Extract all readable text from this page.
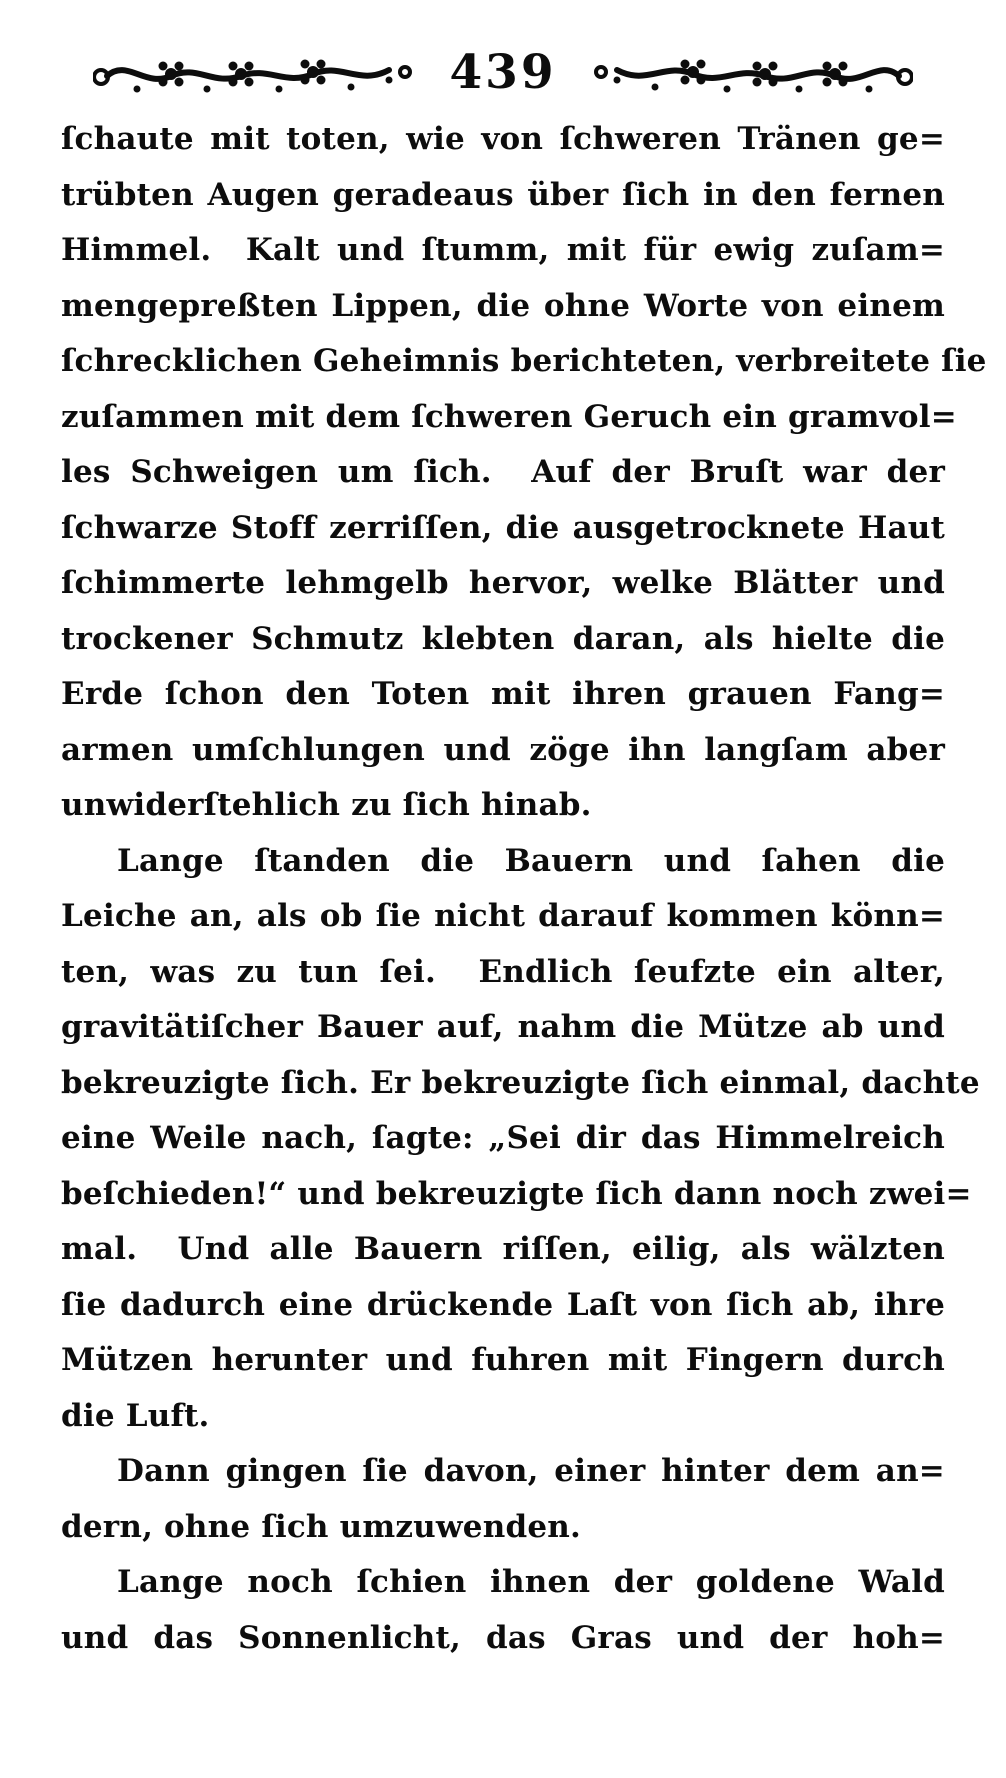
439
ſchaute mit toten, wie von ſchweren Tränen ge=
trübten Augen geradeaus über ſich in den fernen
Himmel.  Kalt und ſtumm, mit für ewig zuſam=
mengepreßten Lippen, die ohne Worte von einem
ſchrecklichen Geheimnis berichteten, verbreitete ſie
zuſammen mit dem ſchweren Geruch ein gramvol=
les Schweigen um ſich.  Auf der Bruſt war der
ſchwarze Stoff zerriſſen, die ausgetrocknete Haut
ſchimmerte lehmgelb hervor, welke Blätter und
trockener Schmutz klebten daran, als hielte die
Erde ſchon den Toten mit ihren grauen Fang=
armen umſchlungen und zöge ihn langſam aber
unwiderſtehlich zu ſich hinab.
Lange ſtanden die Bauern und ſahen die
Leiche an, als ob ſie nicht darauf kommen könn=
ten, was zu tun ſei.  Endlich ſeufzte ein alter,
gravitätiſcher Bauer auf, nahm die Mütze ab und
bekreuzigte ſich. Er bekreuzigte ſich einmal, dachte
eine Weile nach, ſagte: „Sei dir das Himmelreich
beſchieden!“ und bekreuzigte ſich dann noch zwei=
mal.  Und alle Bauern riſſen, eilig, als wälzten
ſie dadurch eine drückende Laſt von ſich ab, ihre
Mützen herunter und fuhren mit Fingern durch
die Luft.
Dann gingen ſie davon, einer hinter dem an=
dern, ohne ſich umzuwenden.
Lange noch ſchien ihnen der goldene Wald
und das Sonnenlicht, das Gras und der hoh=
